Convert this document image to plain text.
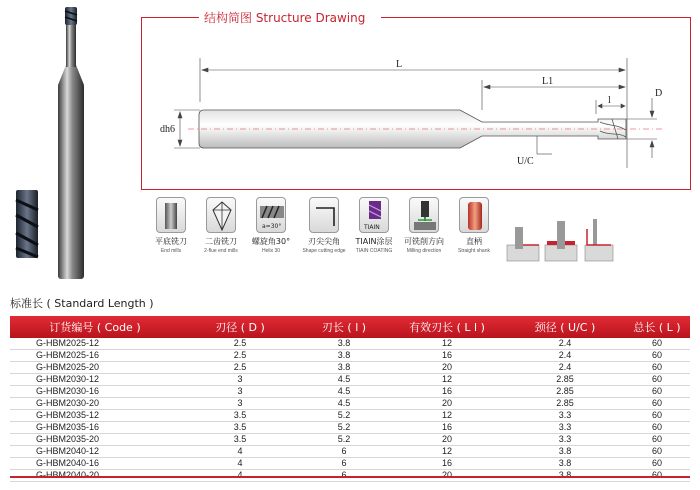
结构简图 Structure Drawing
L
L1
l
D
dh6
U/C
平底铣刀
End mills
二齿铣刀
2-flue end mills
a=30°
螺旋角30°
Helix 30
刃尖尖角
Shape cutting edge
TIAIN
TIAIN涂层
TIAIN COATING
可铣削方向
Milling direction
直柄
Straight shank
标准长 ( Standard Length )
订货编号 ( Code )	刃径 ( D )	刃长 ( l )	有效刃长 ( L l )	颈径 ( U/C )	总长 ( L )
G-HBM2025-12	2.5	3.8	12	2.4	60
G-HBM2025-16	2.5	3.8	16	2.4	60
G-HBM2025-20	2.5	3.8	20	2.4	60
G-HBM2030-12	3	4.5	12	2.85	60
G-HBM2030-16	3	4.5	16	2.85	60
G-HBM2030-20	3	4.5	20	2.85	60
G-HBM2035-12	3.5	5.2	12	3.3	60
G-HBM2035-16	3.5	5.2	16	3.3	60
G-HBM2035-20	3.5	5.2	20	3.3	60
G-HBM2040-12	4	6	12	3.8	60
G-HBM2040-16	4	6	16	3.8	60
